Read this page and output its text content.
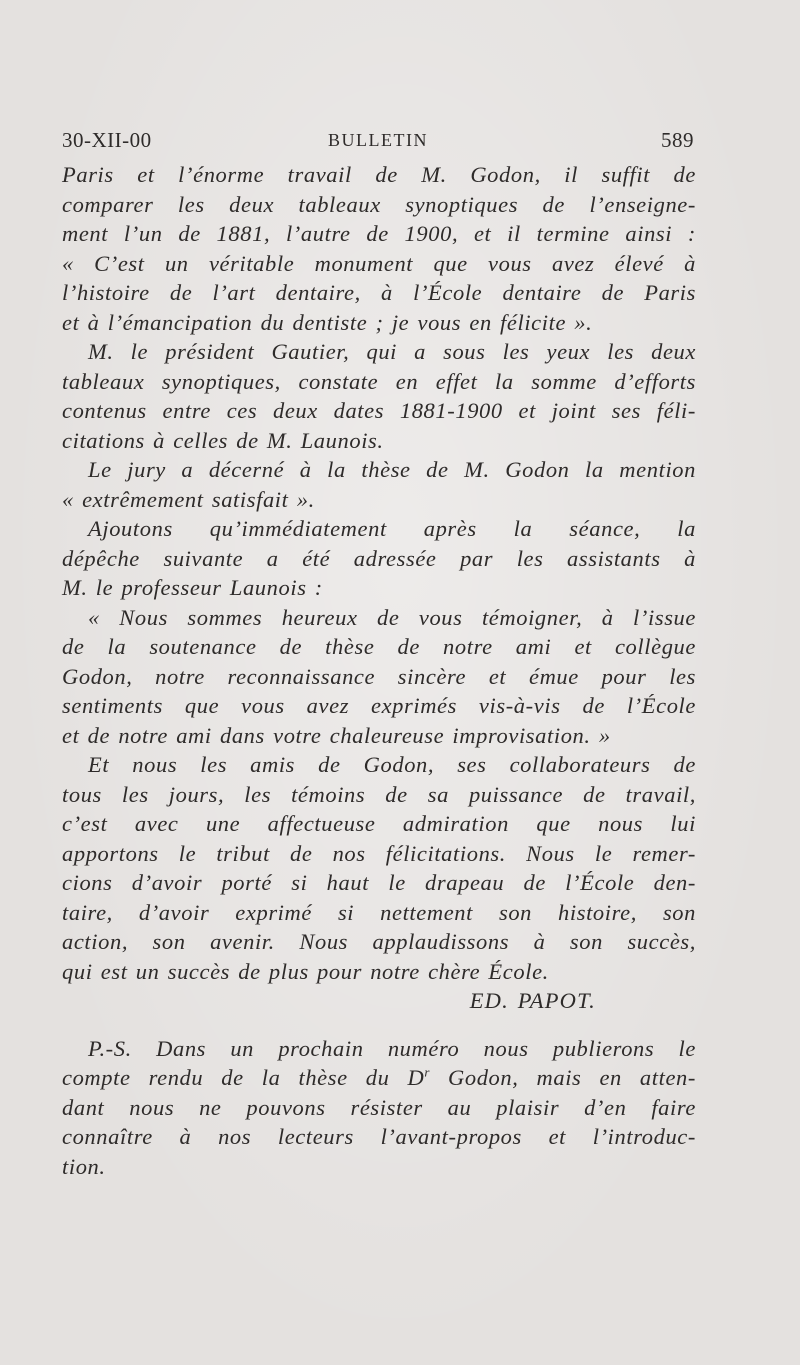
30-XII-00	BULLETIN	589
Paris et l’énorme travail de M. Godon, il suffit de
comparer les deux tableaux synoptiques de l’enseigne-
ment l’un de 1881, l’autre de 1900, et il termine ainsi :
« C’est un véritable monument que vous avez élevé à
l’histoire de l’art dentaire, à l’École dentaire de Paris
et à l’émancipation du dentiste ; je vous en félicite ».
M. le président Gautier, qui a sous les yeux les deux
tableaux synoptiques, constate en effet la somme d’efforts
contenus entre ces deux dates 1881-1900 et joint ses féli-
citations à celles de M. Launois.
Le jury a décerné à la thèse de M. Godon la mention
« extrêmement satisfait ».
Ajoutons qu’immédiatement après la séance, la
dépêche suivante a été adressée par les assistants à
M. le professeur Launois :
« Nous sommes heureux de vous témoigner, à l’issue
de la soutenance de thèse de notre ami et collègue
Godon, notre reconnaissance sincère et émue pour les
sentiments que vous avez exprimés vis-à-vis de l’École
et de notre ami dans votre chaleureuse improvisation. »
Et nous les amis de Godon, ses collaborateurs de
tous les jours, les témoins de sa puissance de travail,
c’est avec une affectueuse admiration que nous lui
apportons le tribut de nos félicitations. Nous le remer-
cions d’avoir porté si haut le drapeau de l’École den-
taire, d’avoir exprimé si nettement son histoire, son
action, son avenir. Nous applaudissons à son succès,
qui est un succès de plus pour notre chère École.
ED. PAPOT.
P.-S. Dans un prochain numéro nous publierons le
compte rendu de la thèse du $D^r$ Godon, mais en atten-
dant nous ne pouvons résister au plaisir d’en faire
connaître à nos lecteurs l’avant-propos et l’introduc-
tion.
